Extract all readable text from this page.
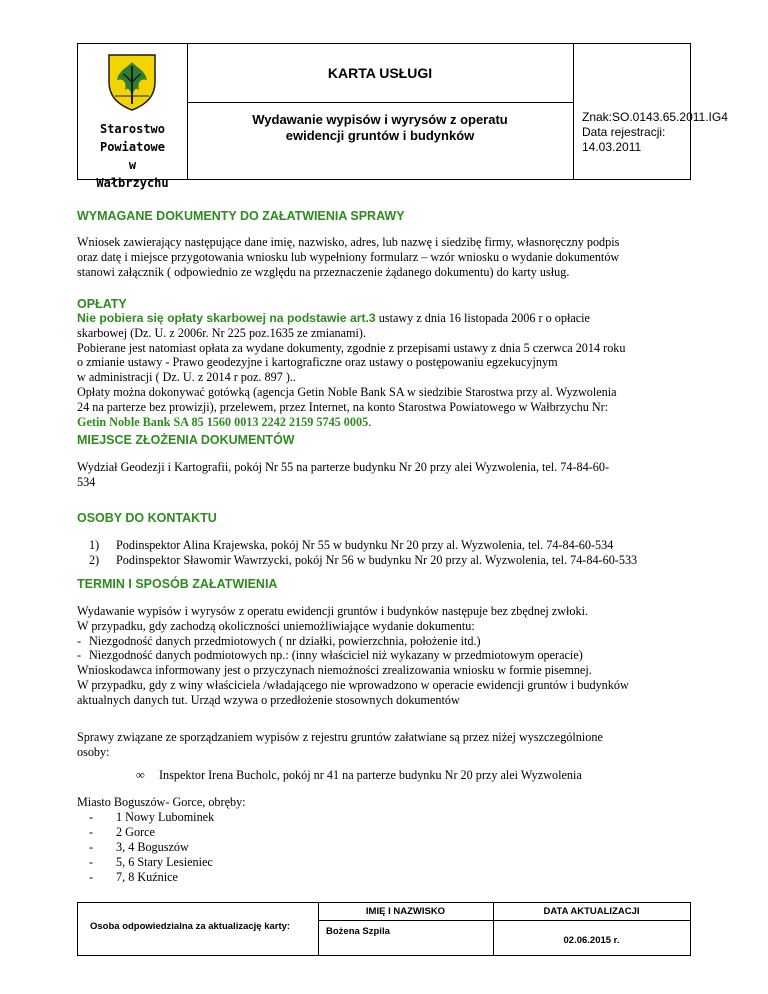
Starostwo
Powiatowe
w
Wałbrzychu
KARTA USŁUGI
Wydawanie wypisów i wyrysów z operatu
ewidencji gruntów i budynków
Znak:SO.0143.65.2011.IG4
Data rejestracji: 14.03.2011
WYMAGANE DOKUMENTY DO ZAŁATWIENIA SPRAWY
Wniosek zawierający następujące dane imię, nazwisko, adres, lub nazwę i siedzibę firmy, własnoręczny podpis
oraz datę i miejsce przygotowania wniosku lub wypełniony formularz – wzór wniosku o wydanie dokumentów
stanowi załącznik ( odpowiednio ze względu na przeznaczenie żądanego dokumentu) do karty usług.
OPŁATY
Nie pobiera się opłaty skarbowej na podstawie art.3 ustawy z dnia 16 listopada 2006 r o opłacie
skarbowej (Dz. U. z 2006r. Nr 225 poz.1635 ze zmianami).
Pobierane jest natomiast opłata za wydane dokumenty, zgodnie z przepisami ustawy z dnia 5 czerwca 2014 roku
o zmianie ustawy - Prawo geodezyjne i kartograficzne oraz ustawy o postępowaniu egzekucyjnym
w administracji ( Dz. U. z 2014 r poz. 897 )..
Opłaty można dokonywać gotówką (agencja Getin Noble Bank SA w siedzibie Starostwa przy al. Wyzwolenia
24 na parterze bez prowizji), przelewem, przez Internet, na konto Starostwa Powiatowego w Wałbrzychu Nr:
Getin Noble Bank SA 85 1560 0013 2242 2159 5745 0005.
MIEJSCE ZŁOŻENIA DOKUMENTÓW
Wydział Geodezji i Kartografii, pokój Nr 55 na parterze budynku Nr 20 przy alei Wyzwolenia, tel. 74-84-60-
534
OSOBY DO KONTAKTU
1) Podinspektor Alina Krajewska, pokój Nr 55 w budynku Nr 20 przy al. Wyzwolenia, tel. 74-84-60-534
2) Podinspektor Sławomir Wawrzycki, pokój Nr 56 w budynku Nr 20 przy al. Wyzwolenia, tel. 74-84-60-533
TERMIN I SPOSÓB ZAŁATWIENIA
Wydawanie wypisów i wyrysów z operatu ewidencji gruntów i budynków następuje bez zbędnej zwłoki.
W przypadku, gdy zachodzą okoliczności uniemożliwiające wydanie dokumentu:
- Niezgodność danych przedmiotowych ( nr działki, powierzchnia, położenie itd.)
- Niezgodność danych podmiotowych np.: (inny właściciel niż wykazany w przedmiotowym operacie)
Wnioskodawca informowany jest o przyczynach niemożności zrealizowania wniosku w formie pisemnej.
W przypadku, gdy z winy właściciela /władającego nie wprowadzono w operacie ewidencji gruntów i budynków
aktualnych danych tut. Urząd wzywa o przedłożenie stosownych dokumentów
Sprawy związane ze sporządzaniem wypisów z rejestru gruntów załatwiane są przez niżej wyszczególnione
osoby:
∞ Inspektor Irena Bucholc, pokój nr 41 na parterze budynku Nr 20 przy alei Wyzwolenia
Miasto Boguszów- Gorce, obręby:
- 1 Nowy Lubominek
- 2 Gorce
- 3, 4 Boguszów
- 5, 6 Stary Lesieniec
- 7, 8 Kuźnice
Osoba odpowiedzialna za aktualizację karty:
IMIĘ I NAZWISKO
Bożena Szpila
DATA AKTUALIZACJI
02.06.2015 r.
